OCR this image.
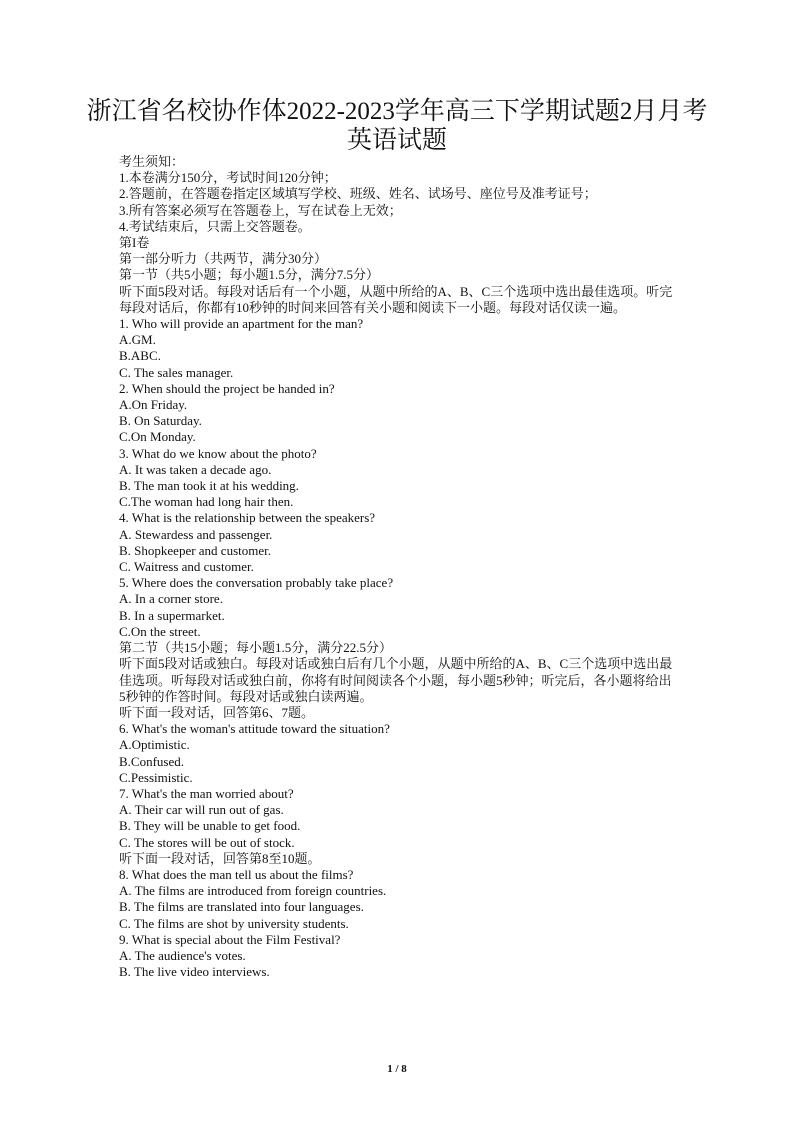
浙江省名校协作体2022-2023学年高三下学期试题2月月考
英语试题
考生须知：
1.本卷满分150分，考试时间120分钟；
2.答题前，在答题卷指定区域填写学校、班级、姓名、试场号、座位号及准考证号；
3.所有答案必须写在答题卷上，写在试卷上无效；
4.考试结束后，只需上交答题卷。
第I卷
第一部分听力（共两节，满分30分）
第一节（共5小题；每小题1.5分，满分7.5分）
听下面5段对话。每段对话后有一个小题，从题中所给的A、B、C三个选项中选出最佳选项。听完每段对话后，你都有10秒钟的时间来回答有关小题和阅读下一小题。每段对话仅读一遍。
1. Who will provide an apartment for the man?
A.GM.
B.ABC.
C. The sales manager.
2. When should the project be handed in?
A.On Friday.
B. On Saturday.
C.On Monday.
3. What do we know about the photo?
A. It was taken a decade ago.
B. The man took it at his wedding.
C.The woman had long hair then.
4. What is the relationship between the speakers?
A. Stewardess and passenger.
B. Shopkeeper and customer.
C. Waitress and customer.
5. Where does the conversation probably take place?
A. In a corner store.
B. In a supermarket.
C.On the street.
第二节（共15小题；每小题1.5分，满分22.5分）
听下面5段对话或独白。每段对话或独白后有几个小题，从题中所给的A、B、C三个选项中选出最佳选项。听每段对话或独白前，你将有时间阅读各个小题，每小题5秒钟；听完后，各小题将给出5秒钟的作答时间。每段对话或独白读两遍。
听下面一段对话，回答第6、7题。
6. What's the woman's attitude toward the situation?
A.Optimistic.
B.Confused.
C.Pessimistic.
7. What's the man worried about?
A. Their car will run out of gas.
B. They will be unable to get food.
C. The stores will be out of stock.
听下面一段对话，回答第8至10题。
8. What does the man tell us about the films?
A. The films are introduced from foreign countries.
B. The films are translated into four languages.
C. The films are shot by university students.
9. What is special about the Film Festival?
A. The audience's votes.
B. The live video interviews.
1 / 8
